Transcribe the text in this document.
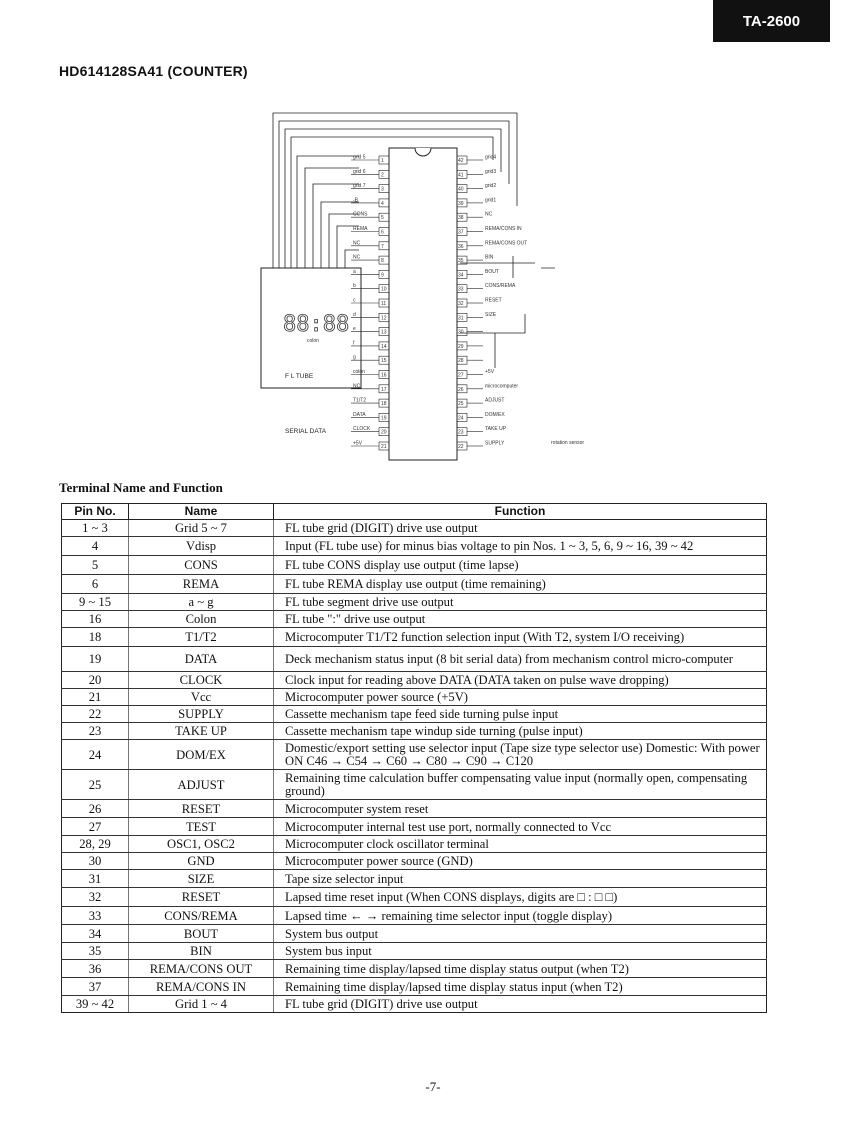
TA-2600
HD614128SA41 (COUNTER)
88:88
colon
F L TUBE
1
grid 5
2
grid 6
3
grid 7
4
-B
5
CONS
6
REMA
7
NC
8
NC
9
a
10
b
11
c
12
d
13
e
14
f
15
g
16
colon
17
NC
18
T1/T2
19
DATA
20
CLOCK
21
+5V
42
grid4
41
grid3
40
grid2
39
grid1
38
NC
37
REMA/CONS IN
36
REMA/CONS OUT
35
BIN
34
BOUT
33
CONS/REMA
32
RESET
31
SIZE
30
29
28
27
+5V
26
microcomputer
25
ADJUST
24
DOM/EX
23
TAKE UP
22
SUPPLY
SERIAL DATA
rotation sensor
Terminal Name and Function
Pin No.	Name	Function
1 ~ 3	Grid 5 ~ 7	FL tube grid (DIGIT) drive use output
4	Vdisp	Input (FL tube use) for minus bias voltage to pin Nos. 1 ~ 3, 5, 6, 9 ~ 16, 39 ~ 42
5	CONS	FL tube CONS display use output (time lapse)
6	REMA	FL tube REMA display use output (time remaining)
9 ~ 15	a ~ g	FL tube segment drive use output
16	Colon	FL tube ":" drive use output
18	T1/T2	Microcomputer T1/T2 function selection input (With T2, system I/O receiving)
19	DATA	Deck mechanism status input (8 bit serial data) from mechanism control micro-computer
20	CLOCK	Clock input for reading above DATA (DATA taken on pulse wave dropping)
21	Vcc	Microcomputer power source (+5V)
22	SUPPLY	Cassette mechanism tape feed side turning pulse input
23	TAKE UP	Cassette mechanism tape windup side turning (pulse input)
24	DOM/EX	Domestic/export setting use selector input (Tape size type selector use) Domestic: With power ON C46 → C54 → C60 → C80 → C90 → C120
25	ADJUST	Remaining time calculation buffer compensating value input (normally open, compensating ground)
26	RESET	Microcomputer system reset
27	TEST	Microcomputer internal test use port, normally connected to Vcc
28, 29	OSC1, OSC2	Microcomputer clock oscillator terminal
30	GND	Microcomputer power source (GND)
31	SIZE	Tape size selector input
32	RESET	Lapsed time reset input (When CONS displays, digits are □ : □ □)
33	CONS/REMA	Lapsed time ← → remaining time selector input (toggle display)
34	BOUT	System bus output
35	BIN	System bus input
36	REMA/CONS OUT	Remaining time display/lapsed time display status output (when T2)
37	REMA/CONS IN	Remaining time display/lapsed time display status input (when T2)
39 ~ 42	Grid 1 ~ 4	FL tube grid (DIGIT) drive use output
-7-
